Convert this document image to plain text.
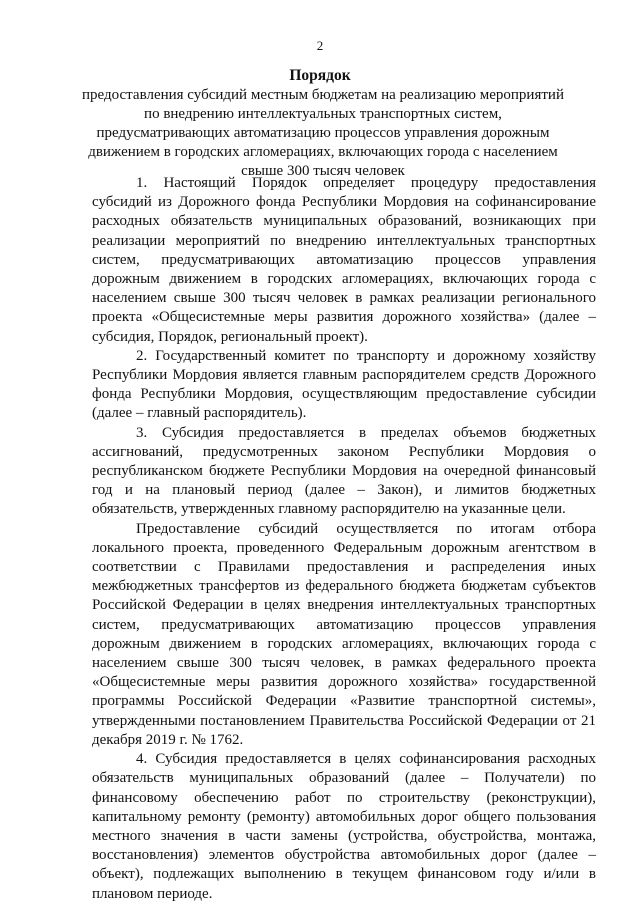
2
Порядок
предоставления субсидий местным бюджетам на реализацию мероприятий по внедрению интеллектуальных транспортных систем, предусматривающих автоматизацию процессов управления дорожным движением в городских агломерациях, включающих города с населением свыше 300 тысяч человек

1. Настоящий Порядок определяет процедуру предоставления субсидий из Дорожного фонда Республики Мордовия на софинансирование расходных обязательств муниципальных образований, возникающих при реализации мероприятий по внедрению интеллектуальных транспортных систем, предусматривающих автоматизацию процессов управления дорожным движением в городских агломерациях, включающих города с населением свыше 300 тысяч человек в рамках реализации регионального проекта «Общесистемные меры развития дорожного хозяйства» (далее – субсидия, Порядок, региональный проект).

2. Государственный комитет по транспорту и дорожному хозяйству Республики Мордовия является главным распорядителем средств Дорожного фонда Республики Мордовия, осуществляющим предоставление субсидии (далее – главный распорядитель).

3. Субсидия предоставляется в пределах объемов бюджетных ассигнований, предусмотренных законом Республики Мордовия о республиканском бюджете Республики Мордовия на очередной финансовый год и на плановый период (далее – Закон), и лимитов бюджетных обязательств, утвержденных главному распорядителю на указанные цели.

Предоставление субсидий осуществляется по итогам отбора локального проекта, проведенного Федеральным дорожным агентством в соответствии с Правилами предоставления и распределения иных межбюджетных трансфертов из федерального бюджета бюджетам субъектов Российской Федерации в целях внедрения интеллектуальных транспортных систем, предусматривающих автоматизацию процессов управления дорожным движением в городских агломерациях, включающих города с населением свыше 300 тысяч человек, в рамках федерального проекта «Общесистемные меры развития дорожного хозяйства» государственной программы Российской Федерации «Развитие транспортной системы», утвержденными постановлением Правительства Российской Федерации от 21 декабря 2019 г. № 1762.

4. Субсидия предоставляется в целях софинансирования расходных обязательств муниципальных образований (далее – Получатели) по финансовому обеспечению работ по строительству (реконструкции), капитальному ремонту (ремонту) автомобильных дорог общего пользования местного значения в части замены (устройства, обустройства, монтажа, восстановления) элементов обустройства автомобильных дорог (далее – объект), подлежащих выполнению в текущем финансовом году и/или в плановом периоде.
